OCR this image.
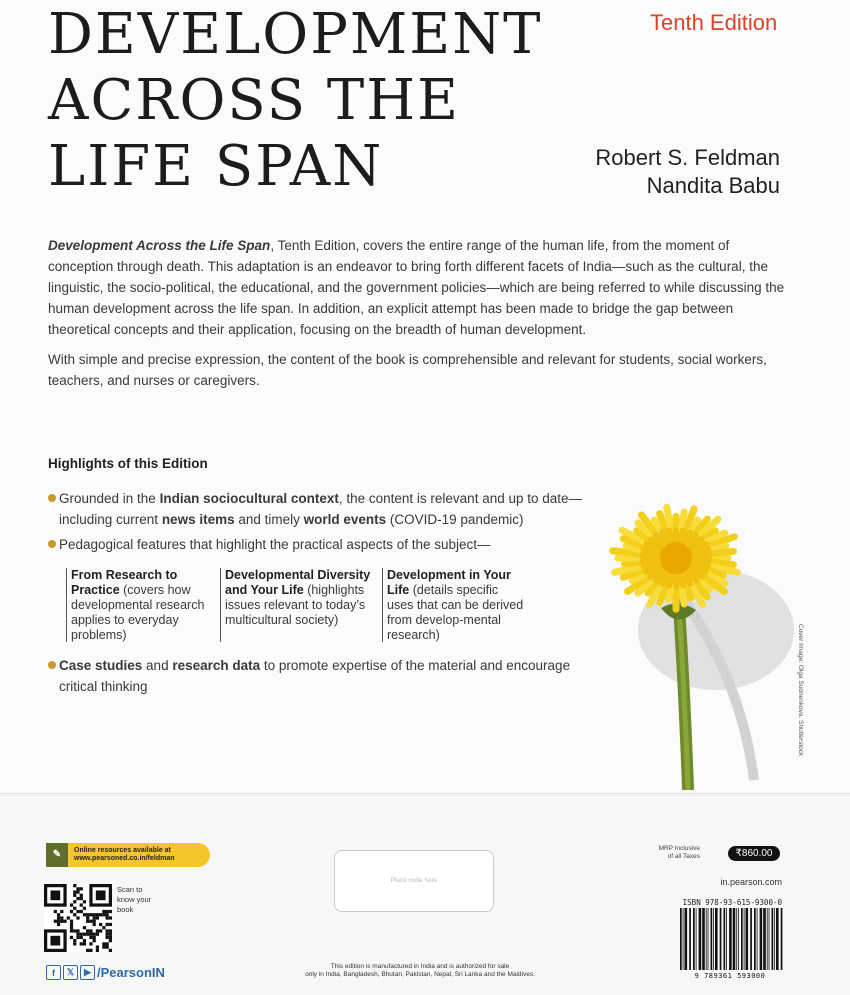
DEVELOPMENT
ACROSS THE
LIFE SPAN
Tenth Edition
Robert S. Feldman
Nandita Babu

Development Across the Life Span, Tenth Edition, covers the entire range of the human life, from the moment of conception through death. This adaptation is an endeavor to bring forth different facets of India—such as the cultural, the linguistic, the socio-political, the educational, and the government policies—which are being referred to while discussing the human development across the life span. In addition, an explicit attempt has been made to bridge the gap between theoretical concepts and their application, focusing on the breadth of human development.

With simple and precise expression, the content of the book is comprehensible and relevant for students, social workers, teachers, and nurses or caregivers.

Highlights of this Edition
Grounded in the Indian sociocultural context, the content is relevant and up to date—including current news items and timely world events (COVID-19 pandemic)
Pedagogical features that highlight the practical aspects of the subject—
From Research to Practice (covers how developmental research applies to everyday problems)
Developmental Diversity and Your Life (highlights issues relevant to today’s multicultural society)
Development in Your Life (details specific uses that can be derived from develop-mental research)
Case studies and research data to promote expertise of the material and encourage critical thinking	Cover Image: Olga Sudnenkova. Shutterstock
✎	Online resources available at
www.pearsoned.co.in/feldman
Scan to know your book
f	𝕏	▶ /PearsonIN
Place code here
This edition is manufactured in India and is authorized for sale
only in India, Bangladesh, Bhutan, Pakistan, Nepal, Sri Lanka and the Maldives.
MRP Inclusive
of all Taxes	₹860.00
in.pearson.com
ISBN 978-93-615-9300-0
9 789361 593000
